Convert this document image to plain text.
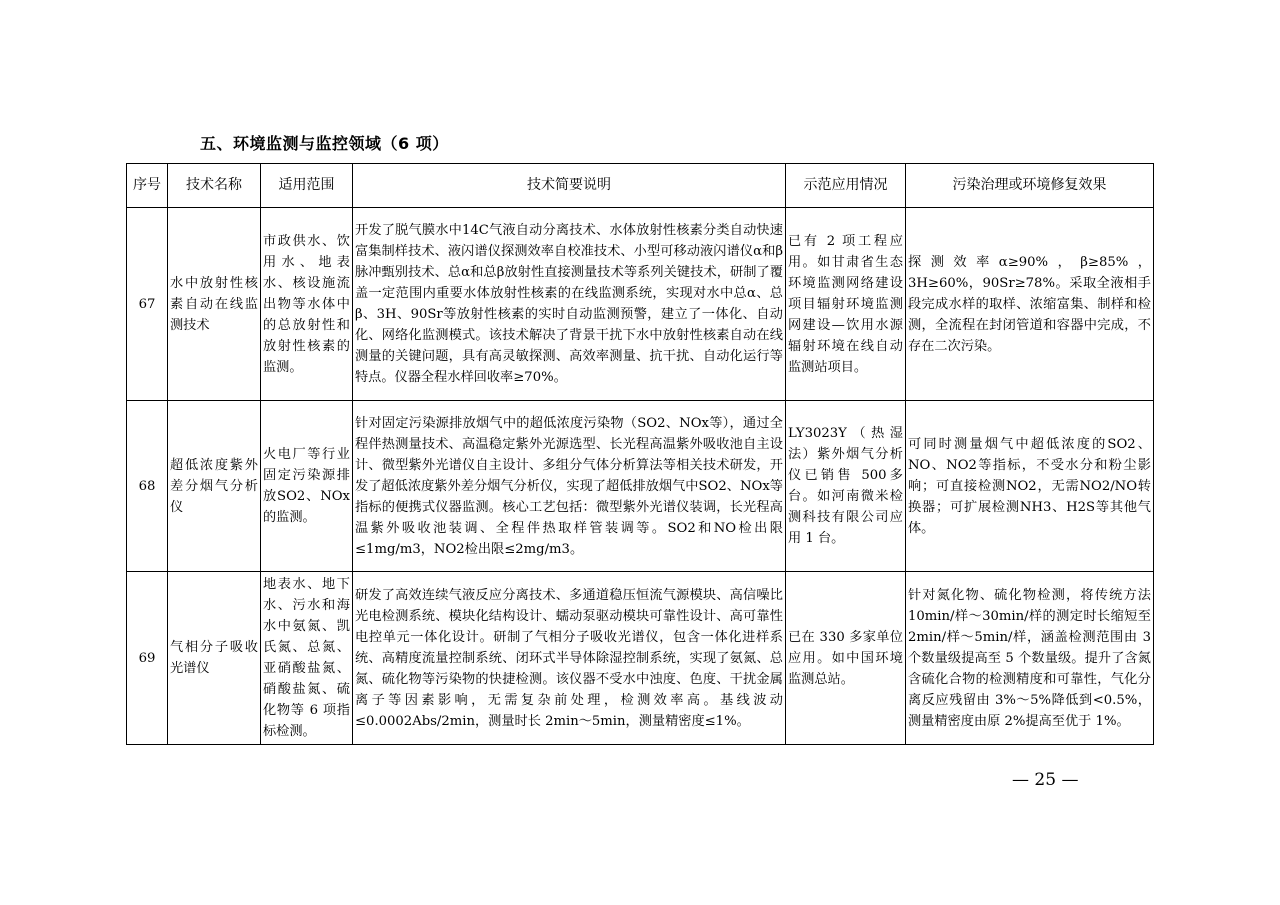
五、环境监测与监控领域（6 项）
序号	技术名称	适用范围	技术简要说明	示范应用情况	污染治理或环境修复效果
67	水中放射性核素自动在线监测技术	市政供水、饮用水、地表水、核设施流出物等水体中的总放射性和放射性核素的监测。	开发了脱气膜水中14C气液自动分离技术、水体放射性核素分类自动快速富集制样技术、液闪谱仪探测效率自校准技术、小型可移动液闪谱仪α和β脉冲甄别技术、总α和总β放射性直接测量技术等系列关键技术，研制了覆盖一定范围内重要水体放射性核素的在线监测系统，实现对水中总α、总β、3H、90Sr等放射性核素的实时自动监测预警，建立了一体化、自动化、网络化监测模式。该技术解决了背景干扰下水中放射性核素自动在线测量的关键问题，具有高灵敏探测、高效率测量、抗干扰、自动化运行等特点。仪器全程水样回收率≥70%。	已有 2 项工程应用。如甘肃省生态环境监测网络建设项目辐射环境监测网建设—饮用水源辐射环境在线自动监测站项目。	探测效率α≥90%，β≥85%，3H≥60%，90Sr≥78%。采取全液相手段完成水样的取样、浓缩富集、制样和检测，全流程在封闭管道和容器中完成，不存在二次污染。
68	超低浓度紫外差分烟气分析仪	火电厂等行业固定污染源排放SO2、NOx的监测。	针对固定污染源排放烟气中的超低浓度污染物（SO2、NOx等），通过全程伴热测量技术、高温稳定紫外光源选型、长光程高温紫外吸收池自主设计、微型紫外光谱仪自主设计、多组分气体分析算法等相关技术研发，开发了超低浓度紫外差分烟气分析仪，实现了超低排放烟气中SO2、NOx等指标的便携式仪器监测。核心工艺包括：微型紫外光谱仪装调，长光程高温紫外吸收池装调、全程伴热取样管装调等。SO2和NO检出限≤1mg/m3，NO2检出限≤2mg/m3。	LY3023Y（热湿法）紫外烟气分析仪已销售 500多台。如河南微米检测科技有限公司应用 1 台。	可同时测量烟气中超低浓度的SO2、NO、NO2等指标，不受水分和粉尘影响；可直接检测NO2，无需NO2/NO转换器；可扩展检测NH3、H2S等其他气体。
69	气相分子吸收光谱仪	地表水、地下水、污水和海水中氨氮、凯氏氮、总氮、亚硝酸盐氮、硝酸盐氮、硫化物等 6 项指标检测。	研发了高效连续气液反应分离技术、多通道稳压恒流气源模块、高信噪比光电检测系统、模块化结构设计、蠕动泵驱动模块可靠性设计、高可靠性电控单元一体化设计。研制了气相分子吸收光谱仪，包含一体化进样系统、高精度流量控制系统、闭环式半导体除湿控制系统，实现了氨氮、总氮、硫化物等污染物的快捷检测。该仪器不受水中浊度、色度、干扰金属离子等因素影响，无需复杂前处理，检测效率高。基线波动≤0.0002Abs/2min，测量时长 2min～5min，测量精密度≤1%。	已在 330 多家单位应用。如中国环境监测总站。	针对氮化物、硫化物检测，将传统方法 10min/样～30min/样的测定时长缩短至 2min/样～5min/样，涵盖检测范围由 3 个数量级提高至 5 个数量级。提升了含氮含硫化合物的检测精度和可靠性，气化分离反应残留由 3%～5%降低到<0.5%，测量精密度由原 2%提高至优于 1%。
— 25 —
